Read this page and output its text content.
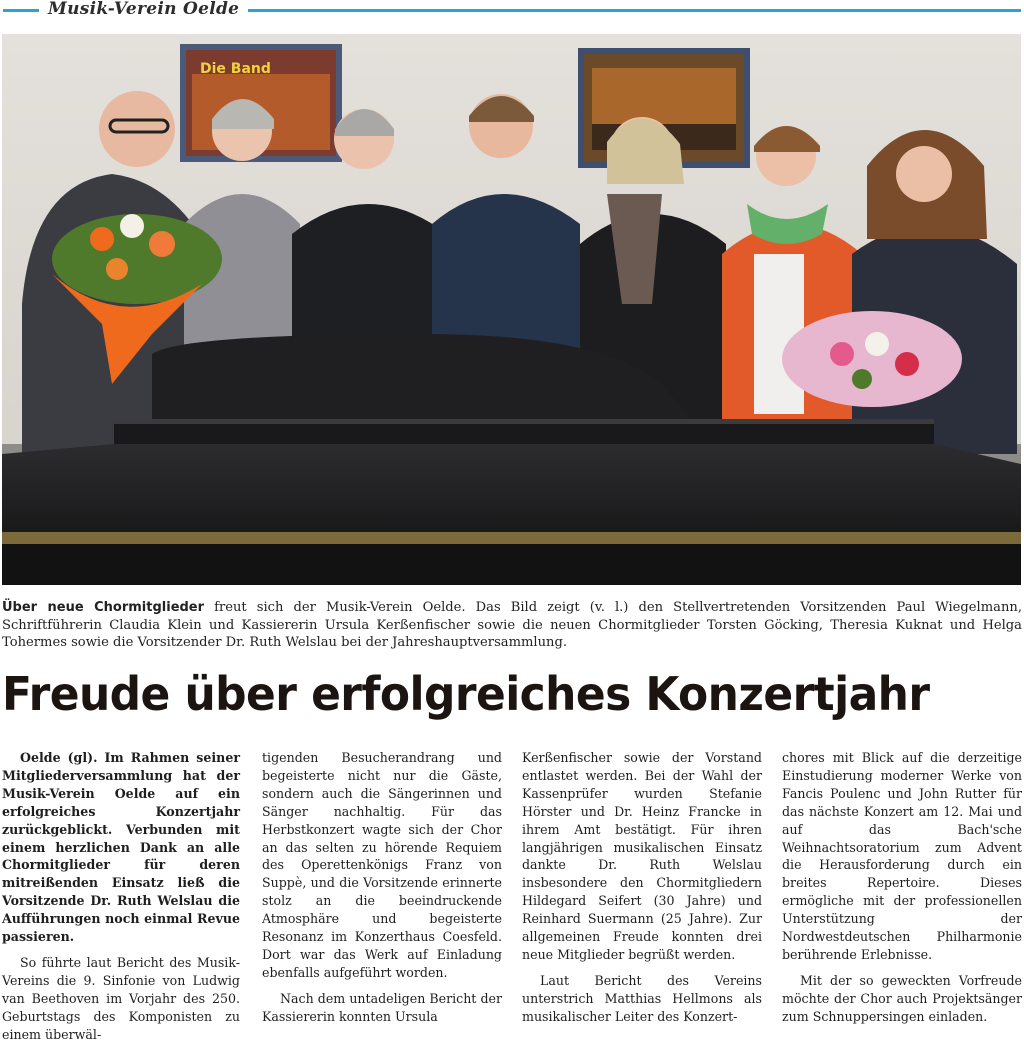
Musik-Verein Oelde
Die Band
Über neue Chormitglieder freut sich der Musik-Verein Oelde. Das Bild zeigt (v. l.) den Stellvertretenden Vorsitzenden Paul Wiegelmann, Schriftführerin Claudia Klein und Kassiererin Ursula Kerßenfischer sowie die neuen Chormitglieder Torsten Göcking, Theresia Kuknat und Helga Tohermes sowie die Vorsitzender Dr. Ruth Welslau bei der Jahreshauptversammlung.
Freude über erfolgreiches Konzertjahr

Oelde (gl). Im Rahmen seiner Mitgliederversammlung hat der Musik-Verein Oelde auf ein erfolgreiches Konzertjahr zurückgeblickt. Verbunden mit einem herzlichen Dank an alle Chormitglieder für deren mitreißenden Einsatz ließ die Vorsitzende Dr. Ruth Welslau die Aufführungen noch einmal Revue passieren.

So führte laut Bericht des Musik-Vereins die 9. Sinfonie von Ludwig van Beethoven im Vorjahr des 250. Geburtstags des Komponisten zu einem überwäl-

tigenden Besucherandrang und begeisterte nicht nur die Gäste, sondern auch die Sängerinnen und Sänger nachhaltig. Für das Herbstkonzert wagte sich der Chor an das selten zu hörende Requiem des Operettenkönigs Franz von Suppè, und die Vorsitzende erinnerte stolz an die beeindruckende Atmosphäre und begeisterte Resonanz im Konzerthaus Coesfeld. Dort war das Werk auf Einladung ebenfalls aufgeführt worden.

Nach dem untadeligen Bericht der Kassiererin konnten Ursula

Kerßenfischer sowie der Vorstand entlastet werden. Bei der Wahl der Kassenprüfer wurden Stefanie Hörster und Dr. Heinz Francke in ihrem Amt bestätigt. Für ihren langjährigen musikalischen Einsatz dankte Dr. Ruth Welslau insbesondere den Chormitgliedern Hildegard Seifert (30 Jahre) und Reinhard Suermann (25 Jahre). Zur allgemeinen Freude konnten drei neue Mitglieder begrüßt werden.

Laut Bericht des Vereins unterstrich Matthias Hellmons als musikalischer Leiter des Konzert-

chores mit Blick auf die derzeitige Einstudierung moderner Werke von Fancis Poulenc und John Rutter für das nächste Konzert am 12. Mai und auf das Bach'sche Weihnachtsoratorium zum Advent die Herausforderung durch ein breites Repertoire. Dieses ermögliche mit der professionellen Unterstützung der Nordwestdeutschen Philharmonie berührende Erlebnisse.

Mit der so geweckten Vorfreude möchte der Chor auch Projektsänger zum Schnuppersingen einladen.
